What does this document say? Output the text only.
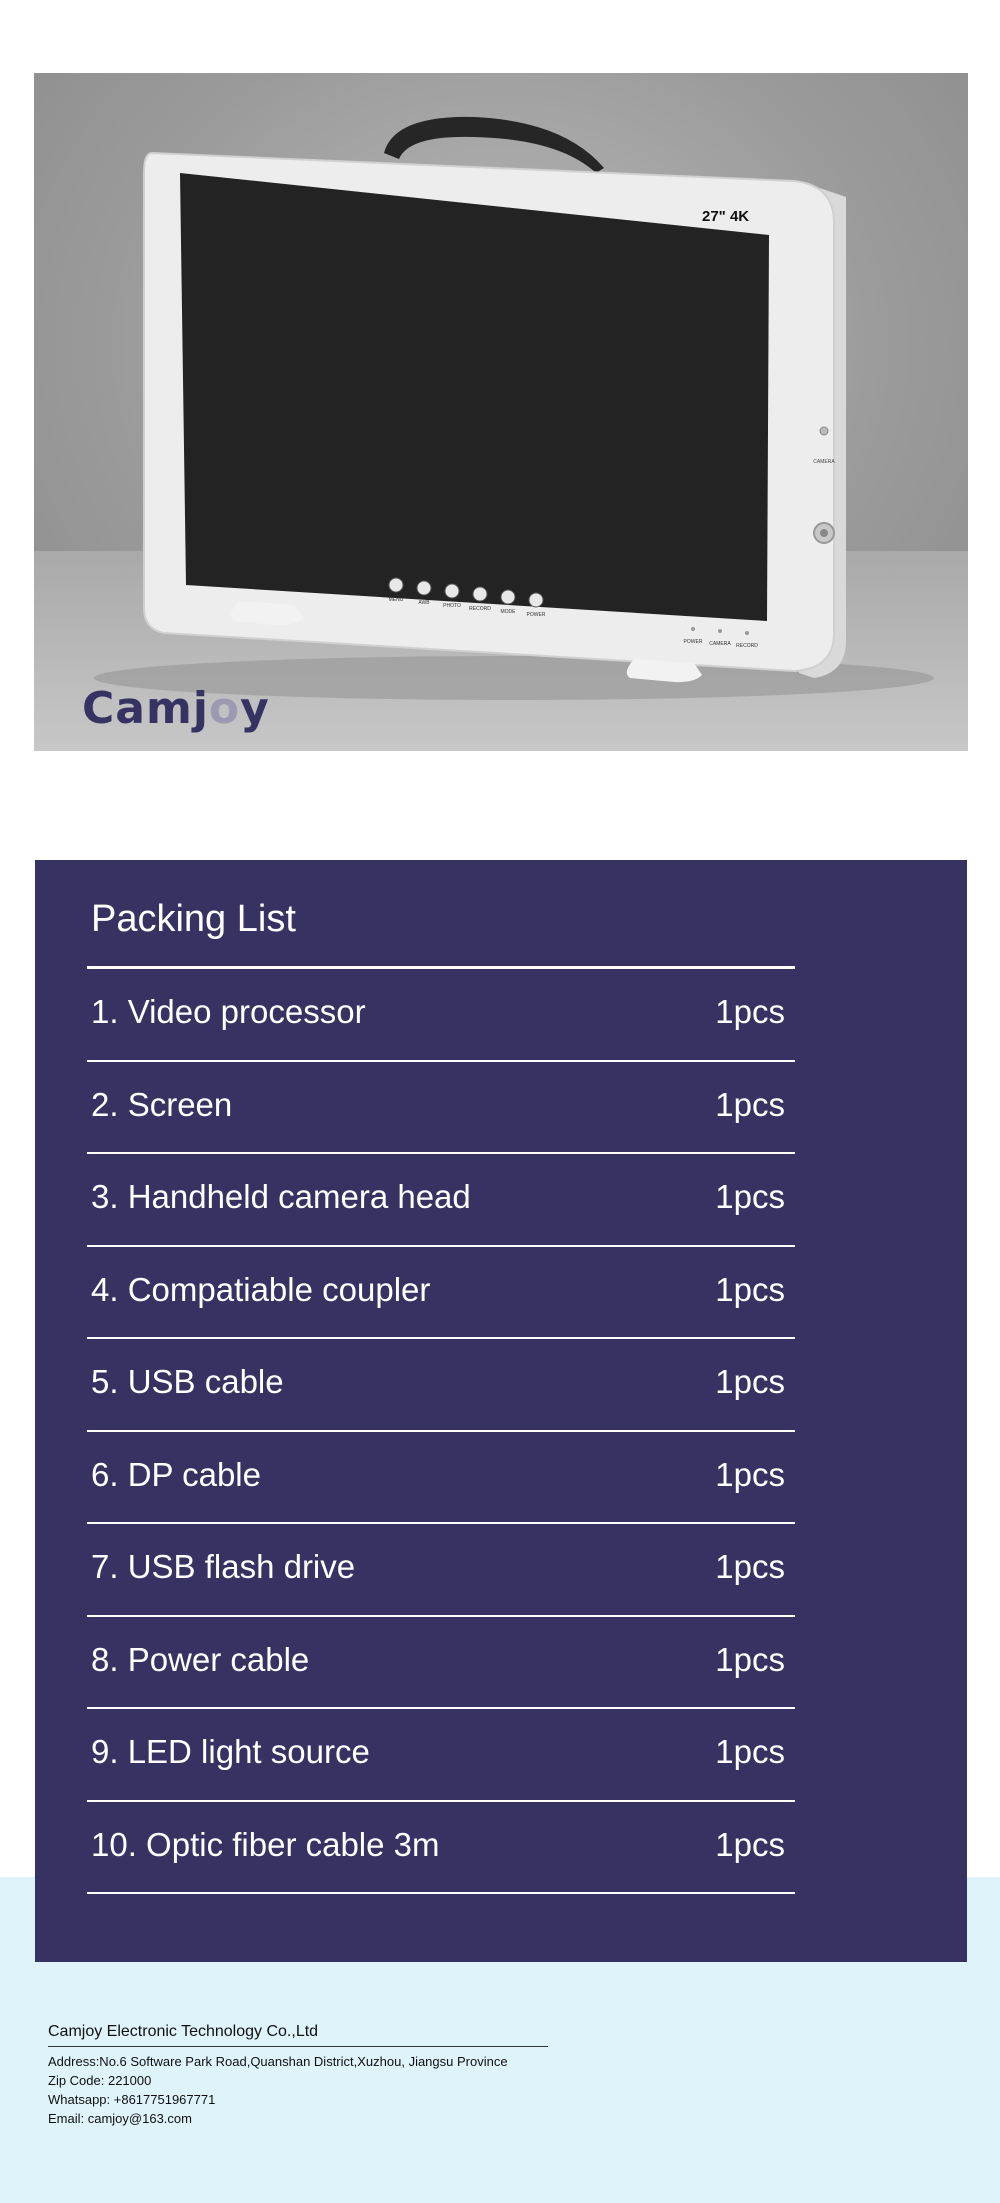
CAMERA
27" 4K
MENU	AWB	PHOTO RECORD MODE POWER
POWER CAMERA RECORD
Camjoy
Packing List
1. Video processor	1pcs
2. Screen	1pcs
3. Handheld camera head	1pcs
4. Compatiable coupler	1pcs
5. USB cable	1pcs
6. DP cable	1pcs
7. USB flash drive	1pcs
8. Power cable	1pcs
9. LED light source	1pcs
10. Optic fiber cable 3m	1pcs
Camjoy Electronic Technology Co.,Ltd
Address:No.6 Software Park Road,Quanshan District,Xuzhou, Jiangsu Province
Zip Code: 221000
Whatsapp: +8617751967771
Email: camjoy@163.com
